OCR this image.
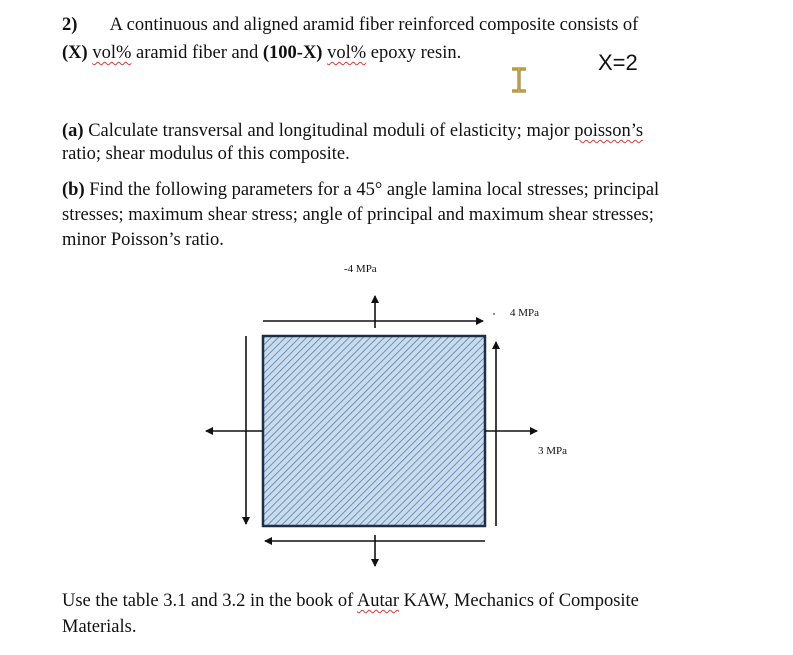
2) A continuous and aligned aramid fiber reinforced composite consists of
(X) vol% aramid fiber and (100-X) vol% epoxy resin.	X=2
(a) Calculate transversal and longitudinal moduli of elasticity; major poisson’s
ratio; shear modulus of this composite.
(b) Find the following parameters for a 45° angle lamina local stresses; principal
stresses; maximum shear stress; angle of principal and maximum shear stresses;
minor Poisson’s ratio.
-4 MPa
4 MPa
3 MPa
Use the table 3.1 and 3.2 in the book of Autar KAW, Mechanics of Composite
Materials.
